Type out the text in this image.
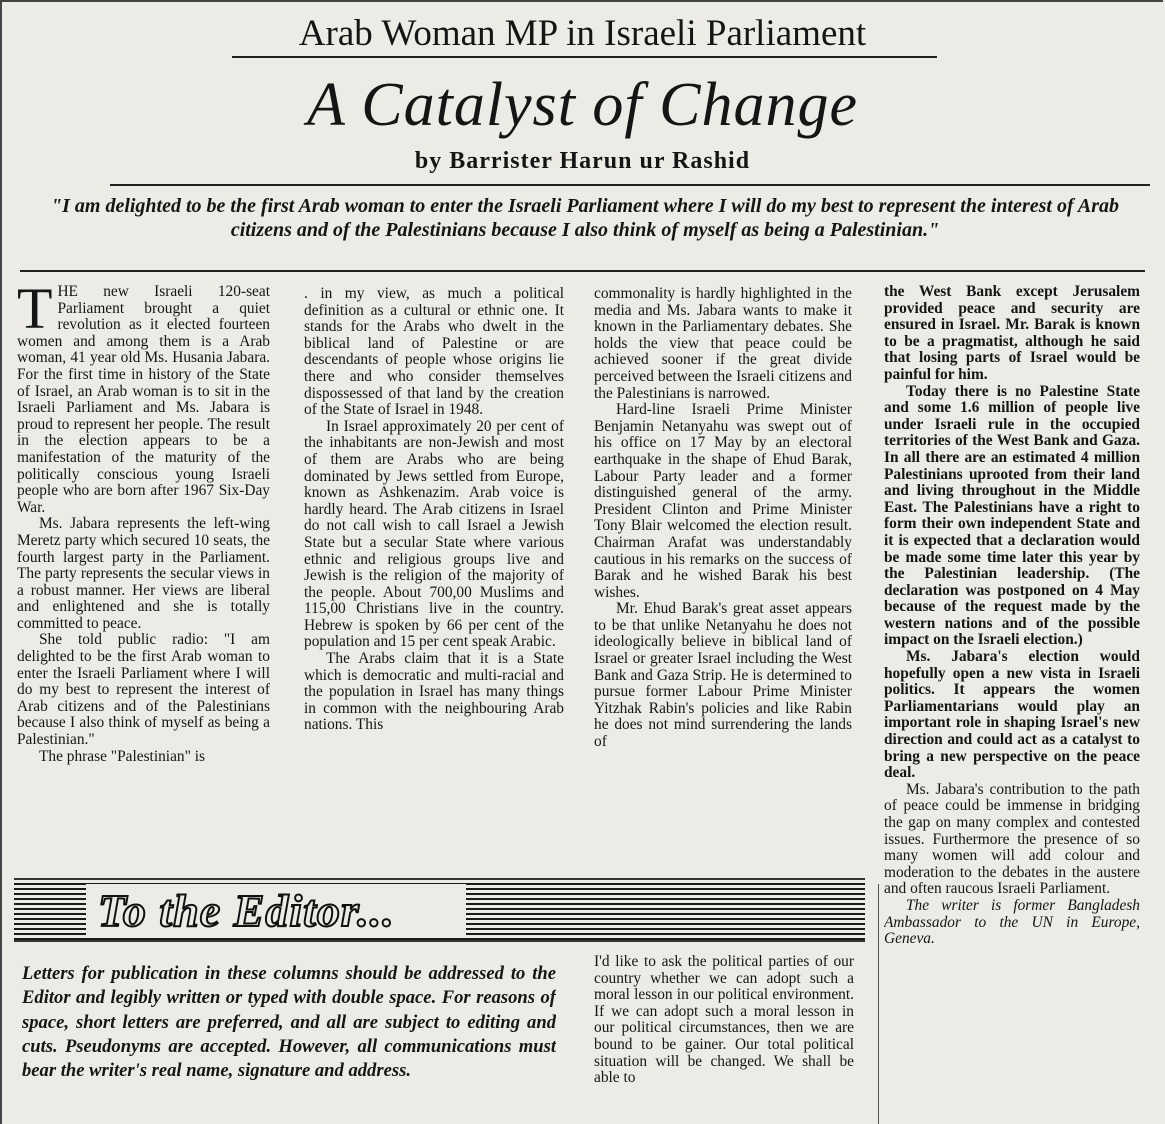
Arab Woman MP in Israeli Parliament
A Catalyst of Change
by Barrister Harun ur Rashid
"I am delighted to be the first Arab woman to enter the Israeli Parliament where I will do my best to represent the interest of Arab citizens and of the Palestinians because I also think of myself as being a Palestinian."

THE new Israeli 120-seat Parliament brought a quiet revolution as it elected fourteen women and among them is a Arab woman, 41 year old Ms. Husania Jabara. For the first time in history of the State of Israel, an Arab woman is to sit in the Israeli Parliament and Ms. Jabara is proud to represent her people. The result in the election appears to be a manifestation of the maturity of the politically conscious young Israeli people who are born after 1967 Six-Day War.

Ms. Jabara represents the left-wing Meretz party which secured 10 seats, the fourth largest party in the Parliament. The party represents the secular views in a robust manner. Her views are liberal and enlightened and she is totally committed to peace.

She told public radio: "I am delighted to be the first Arab woman to enter the Israeli Parliament where I will do my best to represent the interest of Arab citizens and of the Palestinians because I also think of myself as being a Palestinian."

The phrase "Palestinian" is

. in my view, as much a political definition as a cultural or ethnic one. It stands for the Arabs who dwelt in the biblical land of Palestine or are descendants of people whose origins lie there and who consider themselves dispossessed of that land by the creation of the State of Israel in 1948.

In Israel approximately 20 per cent of the inhabitants are non-Jewish and most of them are Arabs who are being dominated by Jews settled from Europe, known as Ashkenazim. Arab voice is hardly heard. The Arab citizens in Israel do not call wish to call Israel a Jewish State but a secular State where various ethnic and religious groups live and Jewish is the religion of the majority of the people. About 700,00 Muslims and 115,00 Christians live in the country. Hebrew is spoken by 66 per cent of the population and 15 per cent speak Arabic.

The Arabs claim that it is a State which is democratic and multi-racial and the population in Israel has many things in common with the neighbouring Arab nations. This

commonality is hardly highlighted in the media and Ms. Jabara wants to make it known in the Parliamentary debates. She holds the view that peace could be achieved sooner if the great divide perceived between the Israeli citizens and the Palestinians is narrowed.

Hard-line Israeli Prime Minister Benjamin Netanyahu was swept out of his office on 17 May by an electoral earthquake in the shape of Ehud Barak, Labour Party leader and a former distinguished general of the army. President Clinton and Prime Minister Tony Blair welcomed the election result. Chairman Arafat was understandably cautious in his remarks on the success of Barak and he wished Barak his best wishes.

Mr. Ehud Barak's great asset appears to be that unlike Netanyahu he does not ideologically believe in biblical land of Israel or greater Israel including the West Bank and Gaza Strip. He is determined to pursue former Labour Prime Minister Yitzhak Rabin's policies and like Rabin he does not mind surrendering the lands of

the West Bank except Jerusalem provided peace and security are ensured in Israel. Mr. Barak is known to be a pragmatist, although he said that losing parts of Israel would be painful for him.

Today there is no Palestine State and some 1.6 million of people live under Israeli rule in the occupied territories of the West Bank and Gaza. In all there are an estimated 4 million Palestinians uprooted from their land and living throughout in the Middle East. The Palestinians have a right to form their own independent State and it is expected that a declaration would be made some time later this year by the Palestinian leadership. (The declaration was postponed on 4 May because of the request made by the western nations and of the possible impact on the Israeli election.)

Ms. Jabara's election would hopefully open a new vista in Israeli politics. It appears the women Parliamentarians would play an important role in shaping Israel's new direction and could act as a catalyst to bring a new perspective on the peace deal.

Ms. Jabara's contribution to the path of peace could be immense in bridging the gap on many complex and contested issues. Furthermore the presence of so many women will add colour and moderation to the debates in the austere and often raucous Israeli Parliament.

The writer is former Bangladesh Ambassador to the UN in Europe, Geneva.

To the Editor...
Letters for publication in these columns should be addressed to the Editor and legibly written or typed with double space. For reasons of space, short letters are preferred, and all are subject to editing and cuts. Pseudonyms are accepted. However, all communications must bear the writer's real name, signature and address.
I'd like to ask the political parties of our country whether we can adopt such a moral lesson in our political environment. If we can adopt such a moral lesson in our political circumstances, then we are bound to be gainer. Our total political situation will be changed. We shall be able to
